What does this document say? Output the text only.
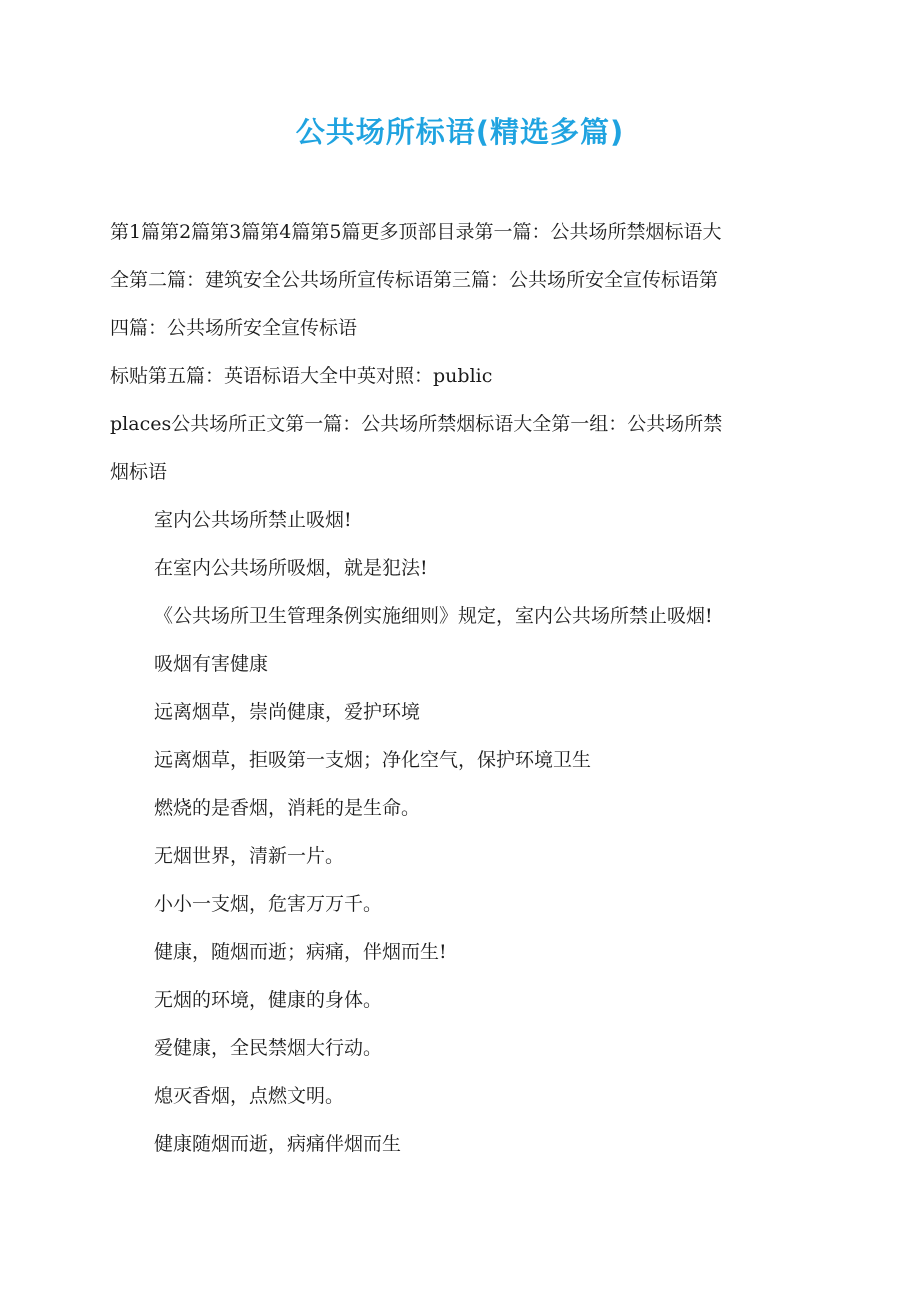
公共场所标语(精选多篇)

第1篇第2篇第3篇第4篇第5篇更多顶部目录第一篇：公共场所禁烟标语大

全第二篇：建筑安全公共场所宣传标语第三篇：公共场所安全宣传标语第

四篇：公共场所安全宣传标语

标贴第五篇：英语标语大全中英对照：public

places公共场所正文第一篇：公共场所禁烟标语大全第一组：公共场所禁

烟标语

室内公共场所禁止吸烟!

在室内公共场所吸烟，就是犯法!

《公共场所卫生管理条例实施细则》规定，室内公共场所禁止吸烟!

吸烟有害健康

远离烟草，崇尚健康，爱护环境

远离烟草，拒吸第一支烟；净化空气，保护环境卫生

燃烧的是香烟，消耗的是生命。

无烟世界，清新一片。

小小一支烟，危害万万千。

健康，随烟而逝；病痛，伴烟而生!

无烟的环境，健康的身体。

爱健康，全民禁烟大行动。

熄灭香烟，点燃文明。

健康随烟而逝，病痛伴烟而生
